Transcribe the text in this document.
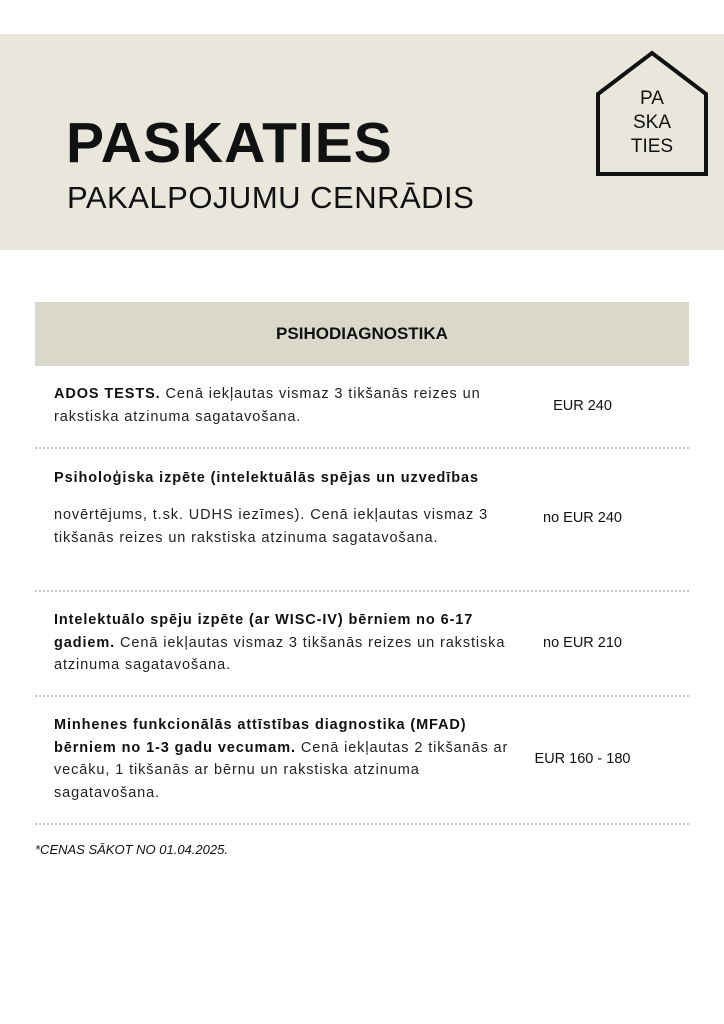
PASKATIES
PAKALPOJUMU CENRĀDIS
PA
SKA
TIES
PSIHODIAGNOSTIKA
ADOS TESTS. Cenā iekļautas vismaz 3 tikšanās reizes un rakstiska atzinuma sagatavošana.
EUR 240
Psiholoģiska izpēte (intelektuālās spējas un uzvedības
novērtējums, t.sk. UDHS iezīmes). Cenā iekļautas vismaz 3 tikšanās reizes un rakstiska atzinuma sagatavošana.
no EUR 240
Intelektuālo spēju izpēte (ar WISC-IV) bērniem no 6-17 gadiem. Cenā iekļautas vismaz 3 tikšanās reizes un rakstiska atzinuma sagatavošana.
no EUR 210
Minhenes funkcionālās attīstības diagnostika (MFAD) bērniem no 1-3 gadu vecumam. Cenā iekļautas 2 tikšanās ar vecāku, 1 tikšanās ar bērnu un rakstiska atzinuma sagatavošana.
EUR 160 - 180
*CENAS SĀKOT NO 01.04.2025.
